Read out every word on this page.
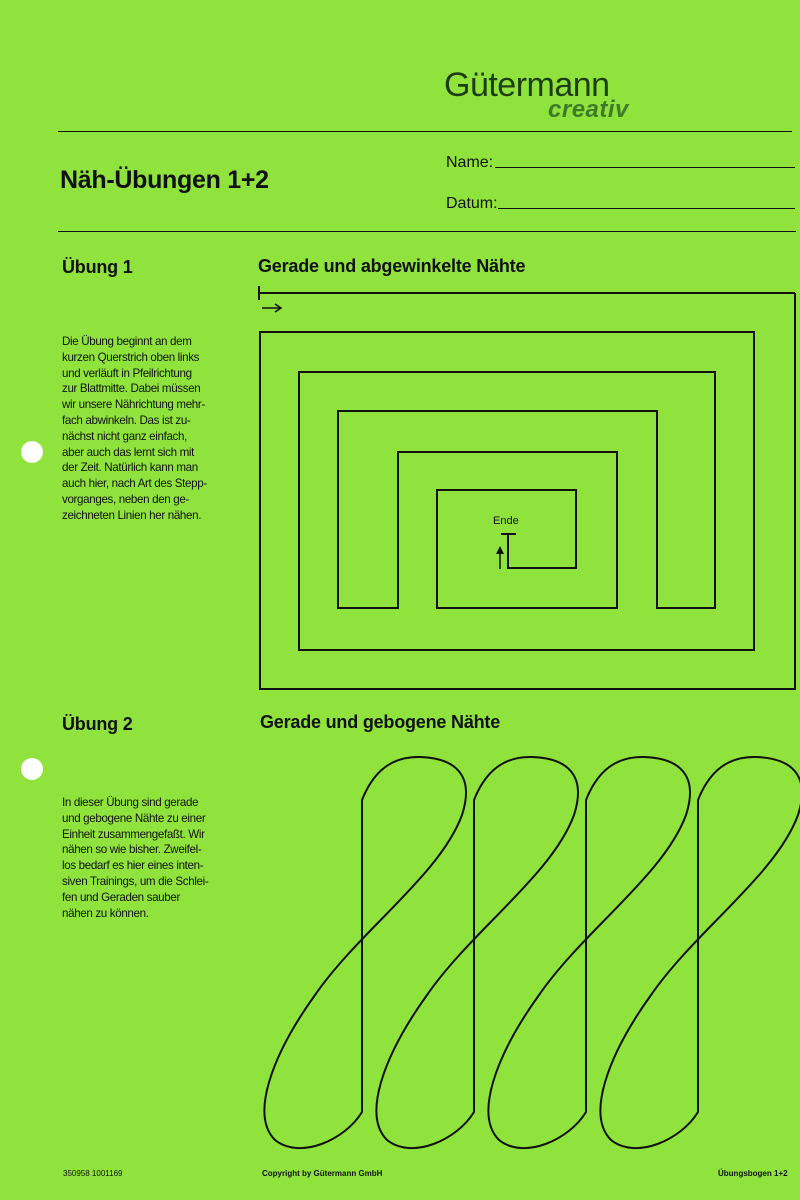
Gütermann
creativ
Näh-Übungen 1+2
Name:
Datum:
Übung 1	Gerade und abgewinkelte Nähte

Die Übung beginnt an dem
kurzen Querstrich oben links
und verläuft in Pfeilrichtung
zur Blattmitte. Dabei müssen
wir unsere Nährichtung mehr-
fach abwinkeln. Das ist zu-
nächst nicht ganz einfach,
aber auch das lernt sich mit
der Zeit. Natürlich kann man
auch hier, nach Art des Stepp-
vorganges, neben den ge-
zeichneten Linien her nähen.	Ende
Übung 2	Gerade und gebogene Nähte

In dieser Übung sind gerade
und gebogene Nähte zu einer
Einheit zusammengefaßt. Wir
nähen so wie bisher. Zweifel-
los bedarf es hier eines inten-
siven Trainings, um die Schlei-
fen und Geraden sauber
nähen zu können.

350958 1001169	Copyright by Gütermann GmbH	Übungsbogen 1+2
